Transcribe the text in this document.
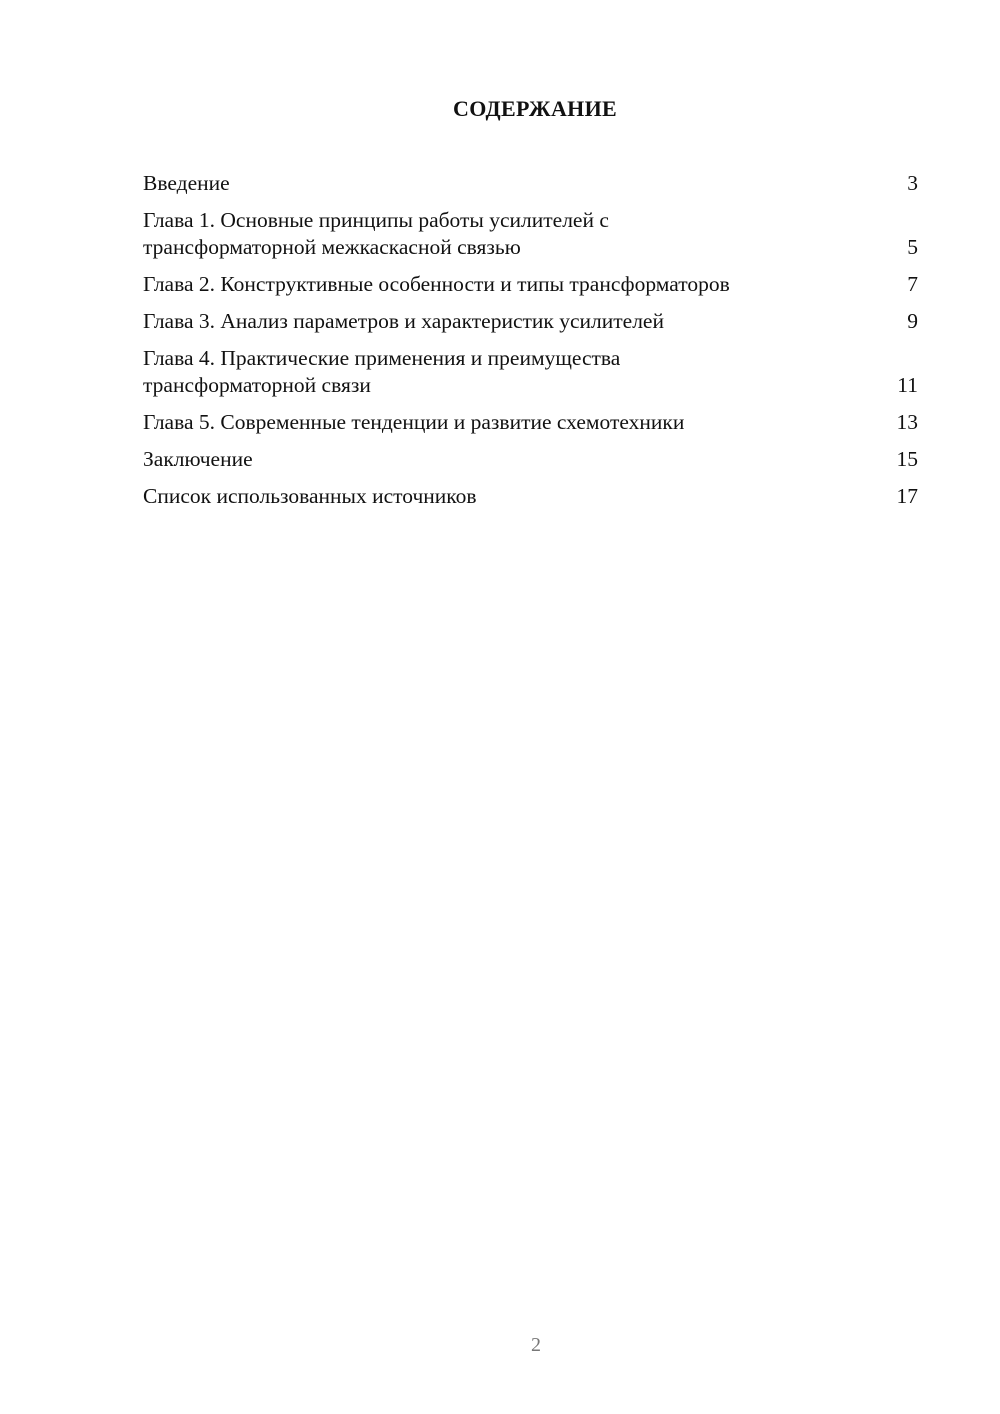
СОДЕРЖАНИЕ
Введение	3
Глава 1. Основные принципы работы усилителей с трансформаторной межкаскасной связью	5
Глава 2. Конструктивные особенности и типы трансформаторов	7
Глава 3. Анализ параметров и характеристик усилителей	9
Глава 4. Практические применения и преимущества трансформаторной связи	11
Глава 5. Современные тенденции и развитие схемотехники	13
Заключение	15
Список использованных источников	17
2
